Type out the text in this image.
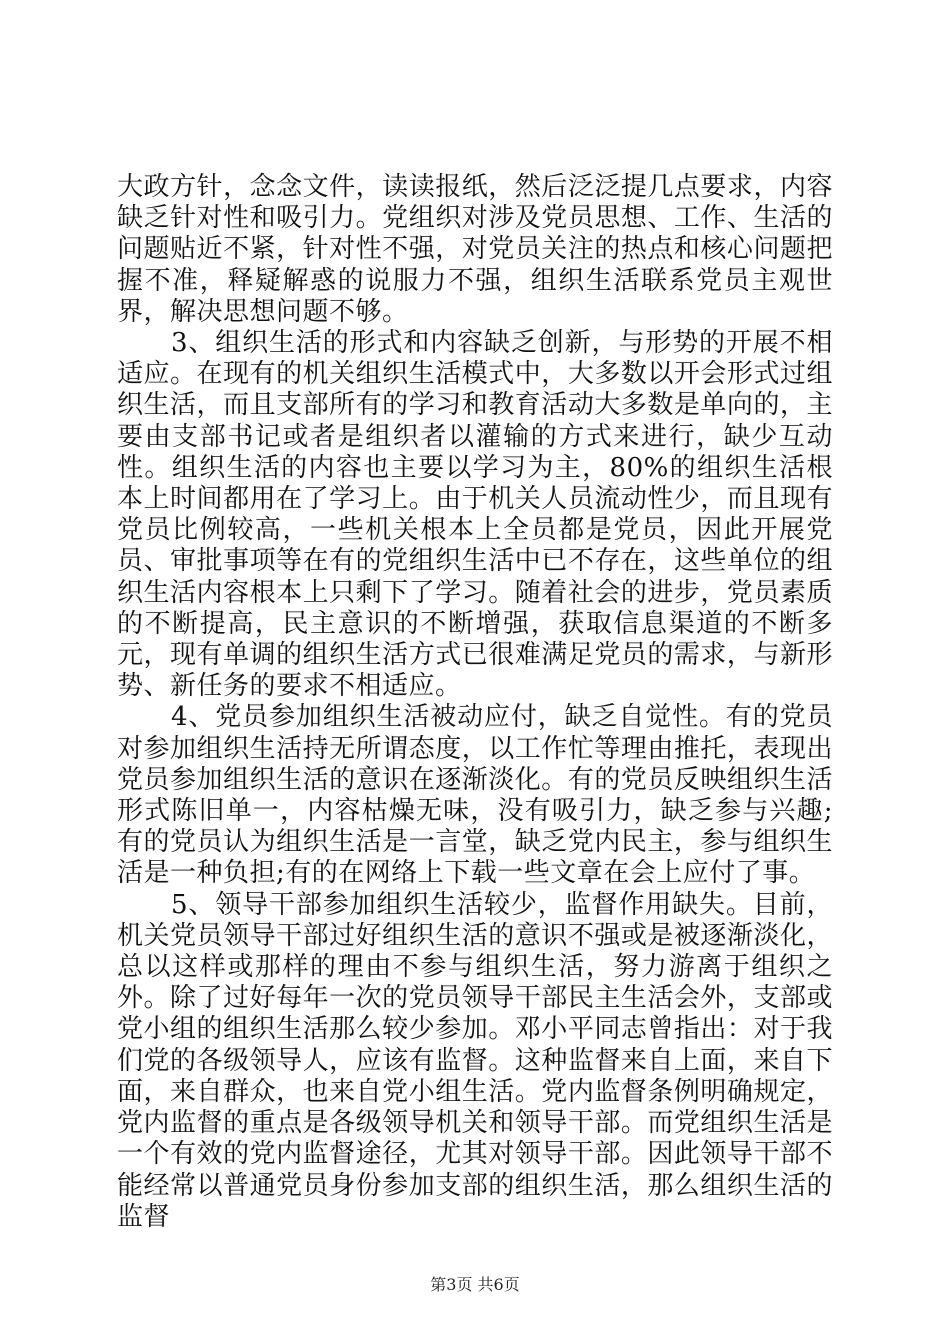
大政方针，念念文件，读读报纸，然后泛泛提几点要求，内容缺乏针对性和吸引力。党组织对涉及党员思想、工作、生活的问题贴近不紧，针对性不强，对党员关注的热点和核心问题把握不准，释疑解惑的说服力不强，组织生活联系党员主观世界，解决思想问题不够。

3、组织生活的形式和内容缺乏创新，与形势的开展不相适应。在现有的机关组织生活模式中，大多数以开会形式过组织生活，而且支部所有的学习和教育活动大多数是单向的，主要由支部书记或者是组织者以灌输的方式来进行，缺少互动性。组织生活的内容也主要以学习为主，80%的组织生活根本上时间都用在了学习上。由于机关人员流动性少，而且现有党员比例较高，一些机关根本上全员都是党员，因此开展党员、审批事项等在有的党组织生活中已不存在，这些单位的组织生活内容根本上只剩下了学习。随着社会的进步，党员素质的不断提高，民主意识的不断增强，获取信息渠道的不断多元，现有单调的组织生活方式已很难满足党员的需求，与新形势、新任务的要求不相适应。

4、党员参加组织生活被动应付，缺乏自觉性。有的党员对参加组织生活持无所谓态度，以工作忙等理由推托，表现出党员参加组织生活的意识在逐渐淡化。有的党员反映组织生活形式陈旧单一，内容枯燥无味，没有吸引力，缺乏参与兴趣;有的党员认为组织生活是一言堂，缺乏党内民主，参与组织生活是一种负担;有的在网络上下载一些文章在会上应付了事。

5、领导干部参加组织生活较少，监督作用缺失。目前，机关党员领导干部过好组织生活的意识不强或是被逐渐淡化，总以这样或那样的理由不参与组织生活，努力游离于组织之外。除了过好每年一次的党员领导干部民主生活会外，支部或党小组的组织生活那么较少参加。邓小平同志曾指出：对于我们党的各级领导人，应该有监督。这种监督来自上面，来自下面，来自群众，也来自党小组生活。党内监督条例明确规定，党内监督的重点是各级领导机关和领导干部。而党组织生活是一个有效的党内监督途径，尤其对领导干部。因此领导干部不能经常以普通党员身份参加支部的组织生活，那么组织生活的监督

第3页 共6页
